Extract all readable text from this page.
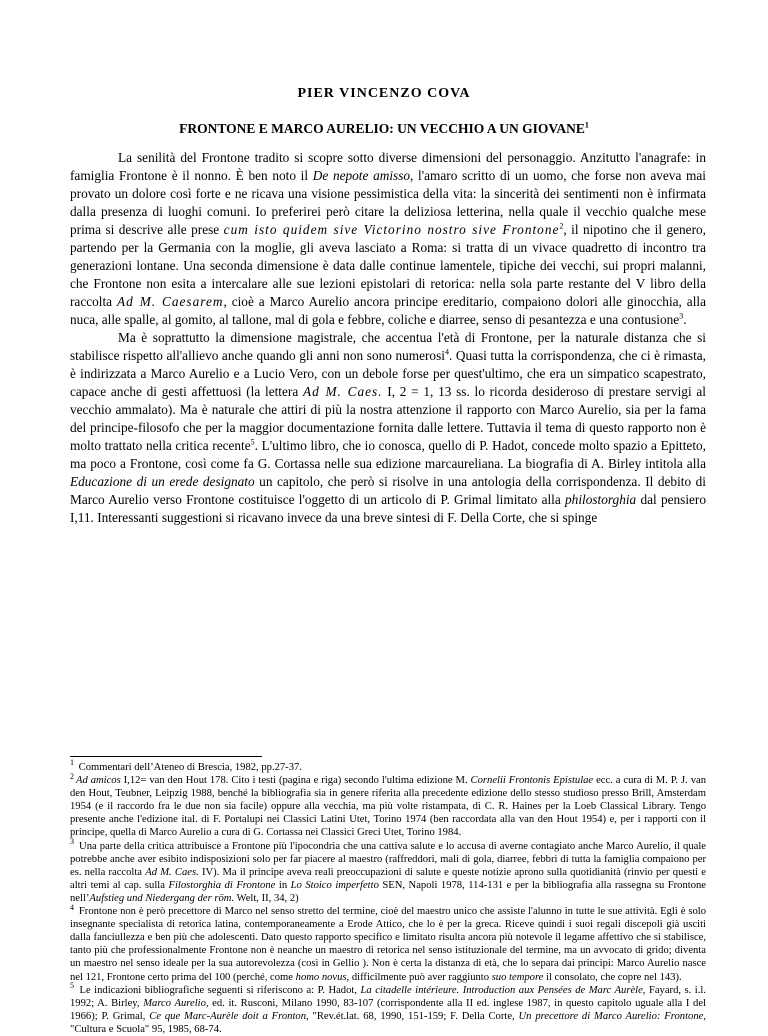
PIER VINCENZO COVA
FRONTONE E MARCO AURELIO: UN VECCHIO A UN GIOVANE$^1$

La senilità del Frontone tradito si scopre sotto diverse dimensioni del personaggio. Anzitutto l'anagrafe: in famiglia Frontone è il nonno. È ben noto il De nepote amisso, l'amaro scritto di un uomo, che forse non aveva mai provato un dolore così forte e ne ricava una visione pessimistica della vita: la sincerità dei sentimenti non è infirmata dalla presenza di luoghi comuni. Io preferirei però citare la deliziosa letterina, nella quale il vecchio qualche mese prima si descrive alle prese cum isto quidem sive Victorino nostro sive Frontone$^2$, il nipotino che il genero, partendo per la Germania con la moglie, gli aveva lasciato a Roma: si tratta di un vivace quadretto di incontro tra generazioni lontane. Una seconda dimensione è data dalle continue lamentele, tipiche dei vecchi, sui propri malanni, che Frontone non esita a intercalare alle sue lezioni epistolari di retorica: nella sola parte restante del V libro della raccolta Ad M. Caesarem, cioè a Marco Aurelio ancora principe ereditario, compaiono dolori alle ginocchia, alla nuca, alle spalle, al gomito, al tallone, mal di gola e febbre, coliche e diarree, senso di pesantezza e una contusione$^3$.

Ma è soprattutto la dimensione magistrale, che accentua l'età di Frontone, per la naturale distanza che si stabilisce rispetto all'allievo anche quando gli anni non sono numerosi$^4$. Quasi tutta la corrispondenza, che ci è rimasta, è indirizzata a Marco Aurelio e a Lucio Vero, con un debole forse per quest'ultimo, che era un simpatico scapestrato, capace anche di gesti affettuosi (la lettera Ad M. Caes. I, 2 = 1, 13 ss. lo ricorda desideroso di prestare servigi al vecchio ammalato). Ma è naturale che attiri di più la nostra attenzione il rapporto con Marco Aurelio, sia per la fama del principe-filosofo che per la maggior documentazione fornita dalle lettere. Tuttavia il tema di questo rapporto non è molto trattato nella critica recente$^5$. L'ultimo libro, che io conosca, quello di P. Hadot, concede molto spazio a Epitteto, ma poco a Frontone, così come fa G. Cortassa nelle sua edizione marcaureliana. La biografia di A. Birley intitola alla Educazione di un erede designato un capitolo, che però si risolve in una antologia della corrispondenza. Il debito di Marco Aurelio verso Frontone costituisce l'oggetto di un articolo di P. Grimal limitato alla philostorghia dal pensiero I,11. Interessanti suggestioni si ricavano invece da una breve sintesi di F. Della Corte, che si spinge

$^1$ Commentari dell’Ateneo di Brescia, 1982, pp.27-37.

$^2$ Ad amicos I,12= van den Hout 178. Cito i testi (pagina e riga) secondo l'ultima edizione M. Cornelii Frontonis Epistulae ecc. a cura di M. P. J. van den Hout, Teubner, Leipzig 1988, benché la bibliografia sia in genere riferita alla precedente edizione dello stesso studioso presso Brill, Amsterdam 1954 (e il raccordo fra le due non sia facile) oppure alla vecchia, ma più volte ristampata, di C. R. Haines per la Loeb Classical Library. Tengo presente anche l'edizione ital. di F. Portalupi nei Classici Latini Utet, Torino 1974 (ben raccordata alla van den Hout 1954) e, per i rapporti con il principe, quella di Marco Aurelio a cura di G. Cortassa nei Classici Greci Utet, Torino 1984.

$^3$ Una parte della critica attribuisce a Frontone più l'ipocondria che una cattiva salute e lo accusa di averne contagiato anche Marco Aurelio, il quale potrebbe anche aver esibito indisposizioni solo per far piacere al maestro (raffreddori, mali di gola, diarree, febbri di tutta la famiglia compaiono per es. nella raccolta Ad M. Caes. IV). Ma il principe aveva reali preoccupazioni di salute e queste notizie aprono sulla quotidianità (rinvio per questi e altri temi al cap. sulla Filostorghia di Frontone in Lo Stoico imperfetto SEN, Napoli 1978, 114-131 e per la bibliografia alla rassegna su Frontone nell’Aufstieg und Niedergang der röm. Welt, II, 34, 2)

$^4$ Frontone non è però precettore di Marco nel senso stretto del termine, cioè del maestro unico che assiste l'alunno in tutte le sue attività. Egli è solo insegnante specialista di retorica latina, contemporaneamente a Erode Attico, che lo è per la greca. Riceve quindi i suoi regali discepoli già usciti dalla fanciullezza e ben più che adolescenti. Dato questo rapporto specifico e limitato risulta ancora più notevole il legame affettivo che si stabilisce, tanto più che professionalmente Frontone non è neanche un maestro di retorica nel senso istituzionale del termine, ma un avvocato di grido; diventa un maestro nel senso ideale per la sua autorevolezza (così in Gellio ). Non è certa la distanza di età, che lo separa dai principi: Marco Aurelio nasce nel 121, Frontone certo prima del 100 (perché, come homo novus, difficilmente può aver raggiunto suo tempore il consolato, che copre nel 143).

$^5$ Le indicazioni bibliografiche seguenti si riferiscono a: P. Hadot, La citadelle intérieure. Introduction aux Pensées de Marc Aurèle, Fayard, s. i.l. 1992; A. Birley, Marco Aurelio, ed. it. Rusconi, Milano 1990, 83-107 (corrispondente alla II ed. inglese 1987, in questo capitolo uguale alla I del 1966); P. Grimal, Ce que Marc-Aurèle doit a Fronton, "Rev.ét.lat. 68, 1990, 151-159; F. Della Corte, Un precettore di Marco Aurelio: Frontone, "Cultura e Scuola" 95, 1985, 68-74.
